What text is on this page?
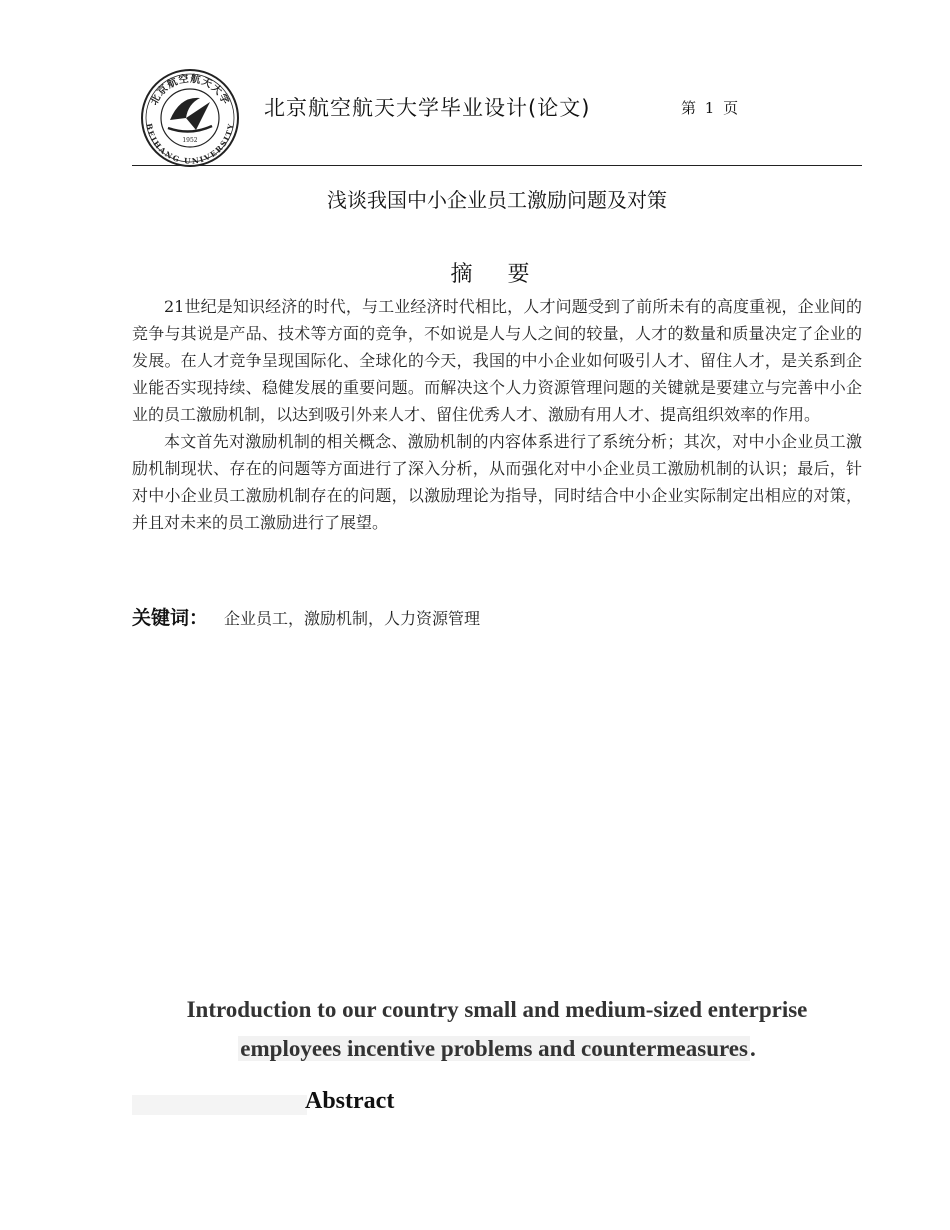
北京航空航天大学
BEIHANG UNIVERSITY
1952
北京航空航天大学毕业设计(论文)	第 1 页
浅谈我国中小企业员工激励问题及对策
摘 要

21世纪是知识经济的时代，与工业经济时代相比，人才问题受到了前所未有的高度重视，企业间的竞争与其说是产品、技术等方面的竞争，不如说是人与人之间的较量，人才的数量和质量决定了企业的发展。在人才竞争呈现国际化、全球化的今天，我国的中小企业如何吸引人才、留住人才，是关系到企业能否实现持续、稳健发展的重要问题。而解决这个人力资源管理问题的关键就是要建立与完善中小企业的员工激励机制，以达到吸引外来人才、留住优秀人才、激励有用人才、提高组织效率的作用。

本文首先对激励机制的相关概念、激励机制的内容体系进行了系统分析；其次，对中小企业员工激励机制现状、存在的问题等方面进行了深入分析，从而强化对中小企业员工激励机制的认识；最后，针对中小企业员工激励机制存在的问题，以激励理论为指导，同时结合中小企业实际制定出相应的对策，并且对未来的员工激励进行了展望。

关键词： 企业员工，激励机制，人力资源管理
Introduction to our country small and medium-sized enterprise
employees incentive problems and countermeasures.
Abstract
